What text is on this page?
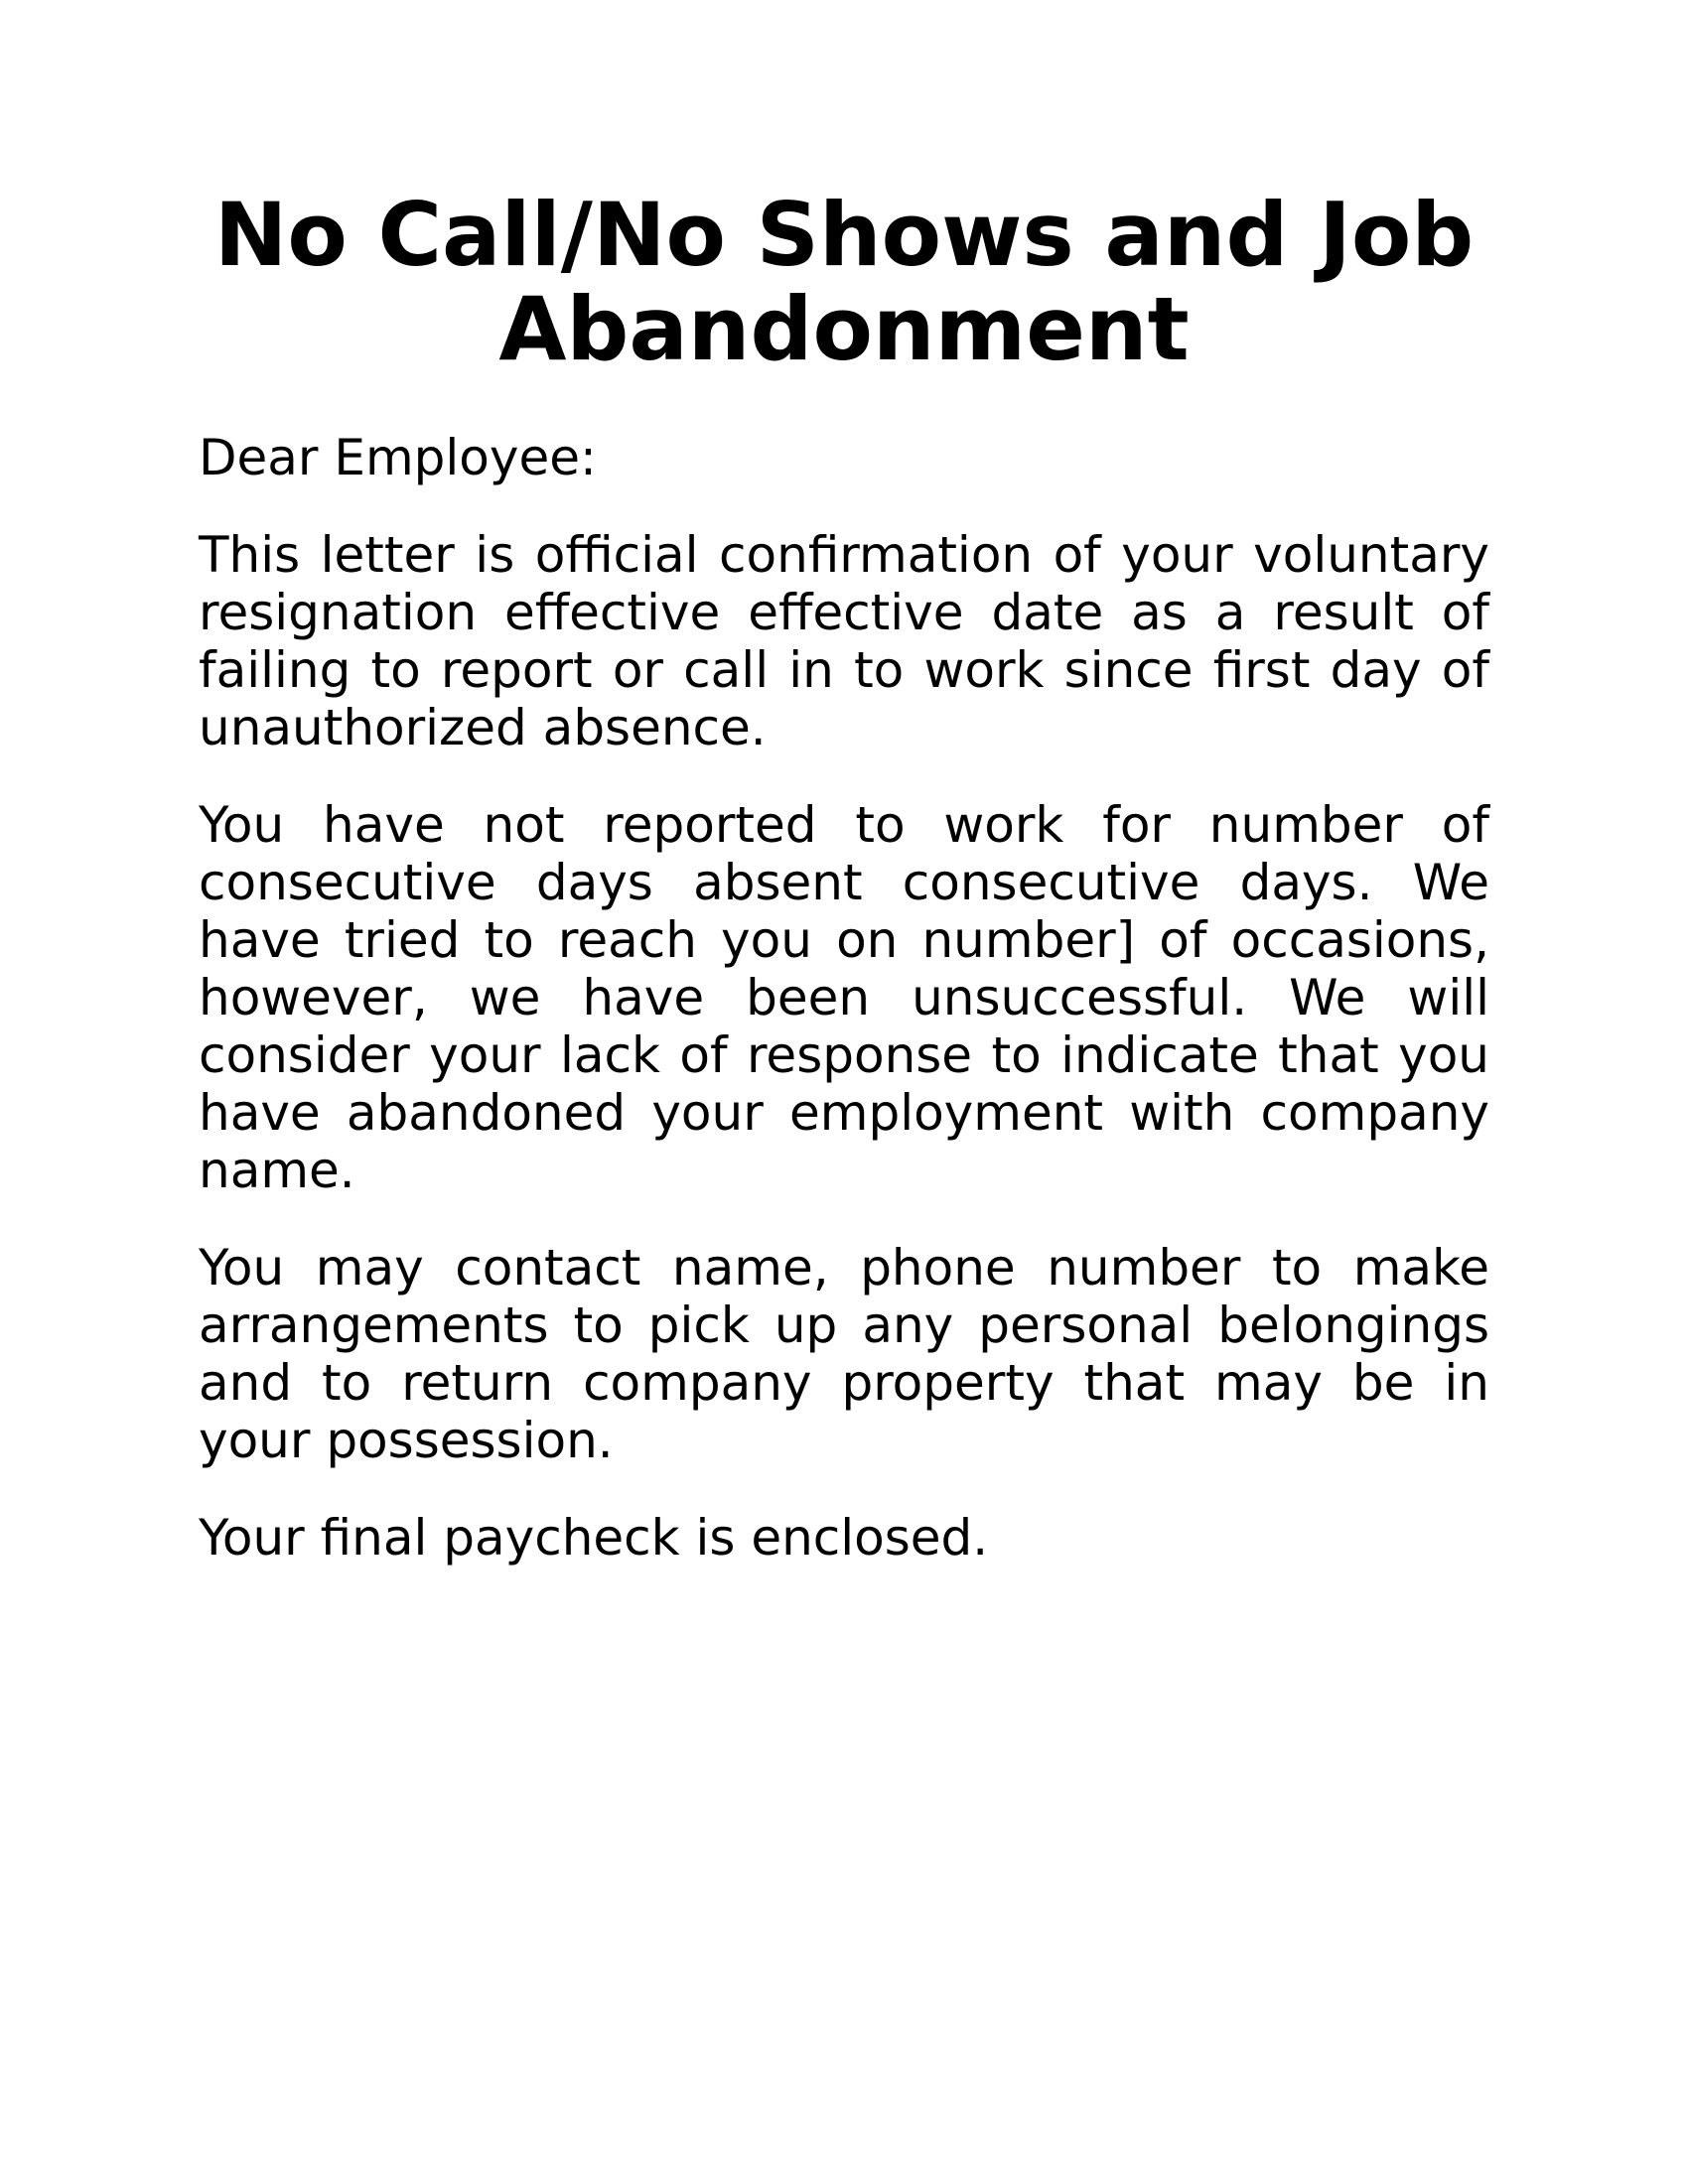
No Call/No Shows and Job
Abandonment

Dear Employee:

This letter is official confirmation of your voluntary resignation effective effective date as a result of failing to report or call in to work since first day of unauthorized absence.

You have not reported to work for number of consecutive days absent consecutive days. We have tried to reach you on number] of occasions, however, we have been unsuccessful. We will consider your lack of response to indicate that you have abandoned your employment with company name.

You may contact name, phone number to make arrangements to pick up any personal belongings and to return company property that may be in your possession.

Your final paycheck is enclosed.
